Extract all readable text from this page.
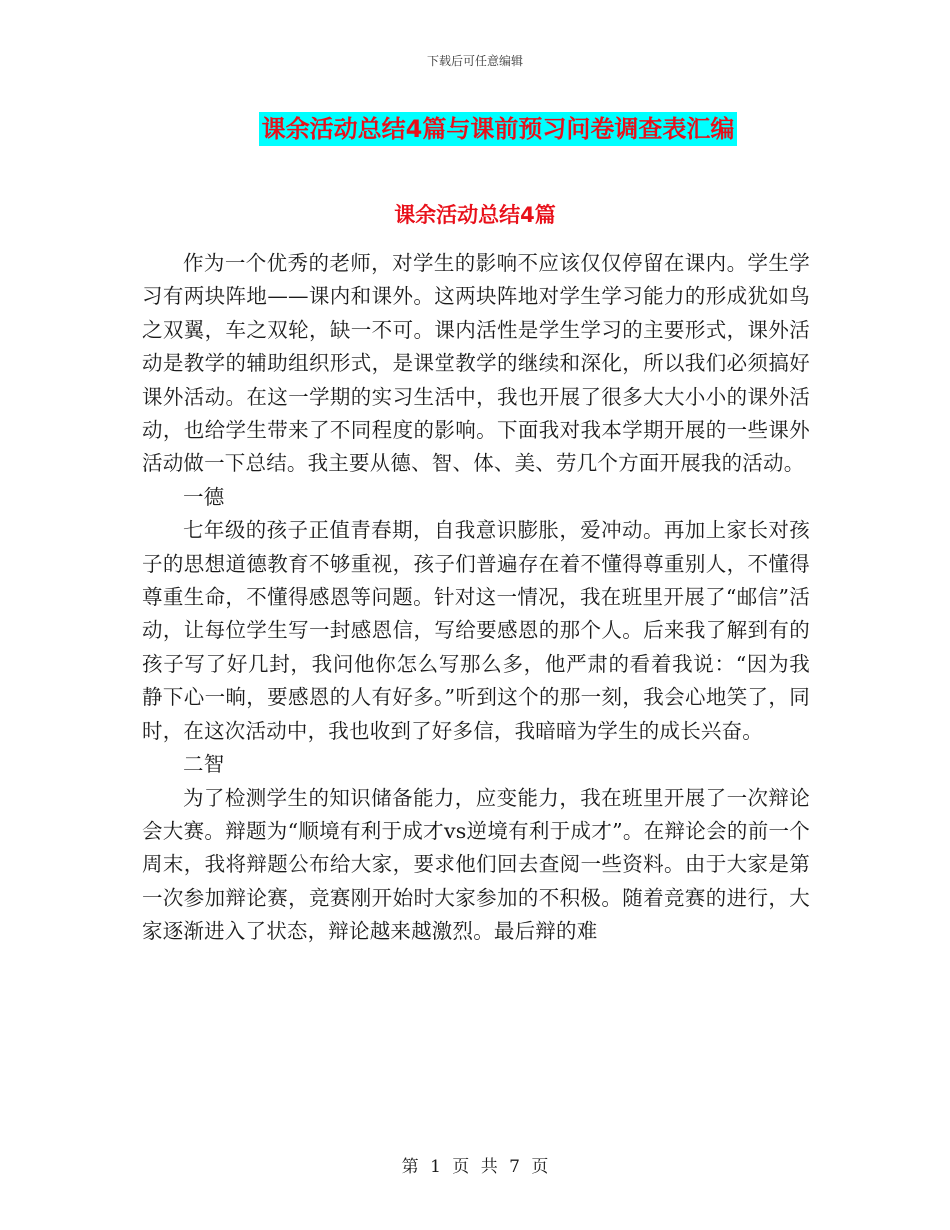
下载后可任意编辑
课余活动总结4篇与课前预习问卷调查表汇编
课余活动总结4篇

作为一个优秀的老师，对学生的影响不应该仅仅停留在课内。学生学习有两块阵地——课内和课外。这两块阵地对学生学习能力的形成犹如鸟之双翼，车之双轮，缺一不可。课内活性是学生学习的主要形式，课外活动是教学的辅助组织形式，是课堂教学的继续和深化，所以我们必须搞好课外活动。在这一学期的实习生活中，我也开展了很多大大小小的课外活动，也给学生带来了不同程度的影响。下面我对我本学期开展的一些课外活动做一下总结。我主要从德、智、体、美、劳几个方面开展我的活动。

一德

七年级的孩子正值青春期，自我意识膨胀，爱冲动。再加上家长对孩子的思想道德教育不够重视，孩子们普遍存在着不懂得尊重别人，不懂得尊重生命，不懂得感恩等问题。针对这一情况，我在班里开展了“邮信”活动，让每位学生写一封感恩信，写给要感恩的那个人。后来我了解到有的孩子写了好几封，我问他你怎么写那么多，他严肃的看着我说：“因为我静下心一晌，要感恩的人有好多。”听到这个的那一刻，我会心地笑了，同时，在这次活动中，我也收到了好多信，我暗暗为学生的成长兴奋。

二智

为了检测学生的知识储备能力，应变能力，我在班里开展了一次辩论会大赛。辩题为“顺境有利于成才vs逆境有利于成才”。在辩论会的前一个周末，我将辩题公布给大家，要求他们回去查阅一些资料。由于大家是第一次参加辩论赛，竞赛刚开始时大家参加的不积极。随着竞赛的进行，大家逐渐进入了状态，辩论越来越激烈。最后辩的难

第 1 页 共 7 页
